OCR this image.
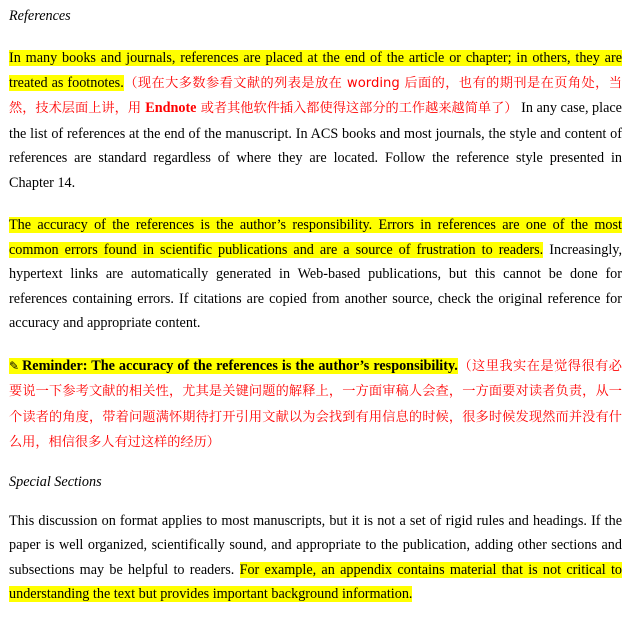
References

In many books and journals, references are placed at the end of the article or chapter; in others, they are treated as footnotes.（现在大多数参看文献的列表是放在 wording 后面的，也有的期刊是在页角处，当然，技术层面上讲，用 Endnote 或者其他软件插入都使得这部分的工作越来越简单了） In any case, place the list of references at the end of the manuscript. In ACS books and most journals, the style and content of references are standard regardless of where they are located. Follow the reference style presented in Chapter 14.

The accuracy of the references is the author’s responsibility. Errors in references are one of the most common errors found in scientific publications and are a source of frustration to readers. Increasingly, hypertext links are automatically generated in Web-based publications, but this cannot be done for references containing errors. If citations are copied from another source, check the original reference for accuracy and appropriate content.

✎ Reminder: The accuracy of the references is the author’s responsibility.（这里我实在是觉得很有必要说一下参考文献的相关性，尤其是关键问题的解释上，一方面审稿人会查，一方面要对读者负责，从一个读者的角度，带着问题满怀期待打开引用文献以为会找到有用信息的时候，很多时候发现然而并没有什么用，相信很多人有过这样的经历）

Special Sections

This discussion on format applies to most manuscripts, but it is not a set of rigid rules and headings. If the paper is well organized, scientifically sound, and appropriate to the publication, adding other sections and subsections may be helpful to readers. For example, an appendix contains material that is not critical to understanding the text but provides important background information.
